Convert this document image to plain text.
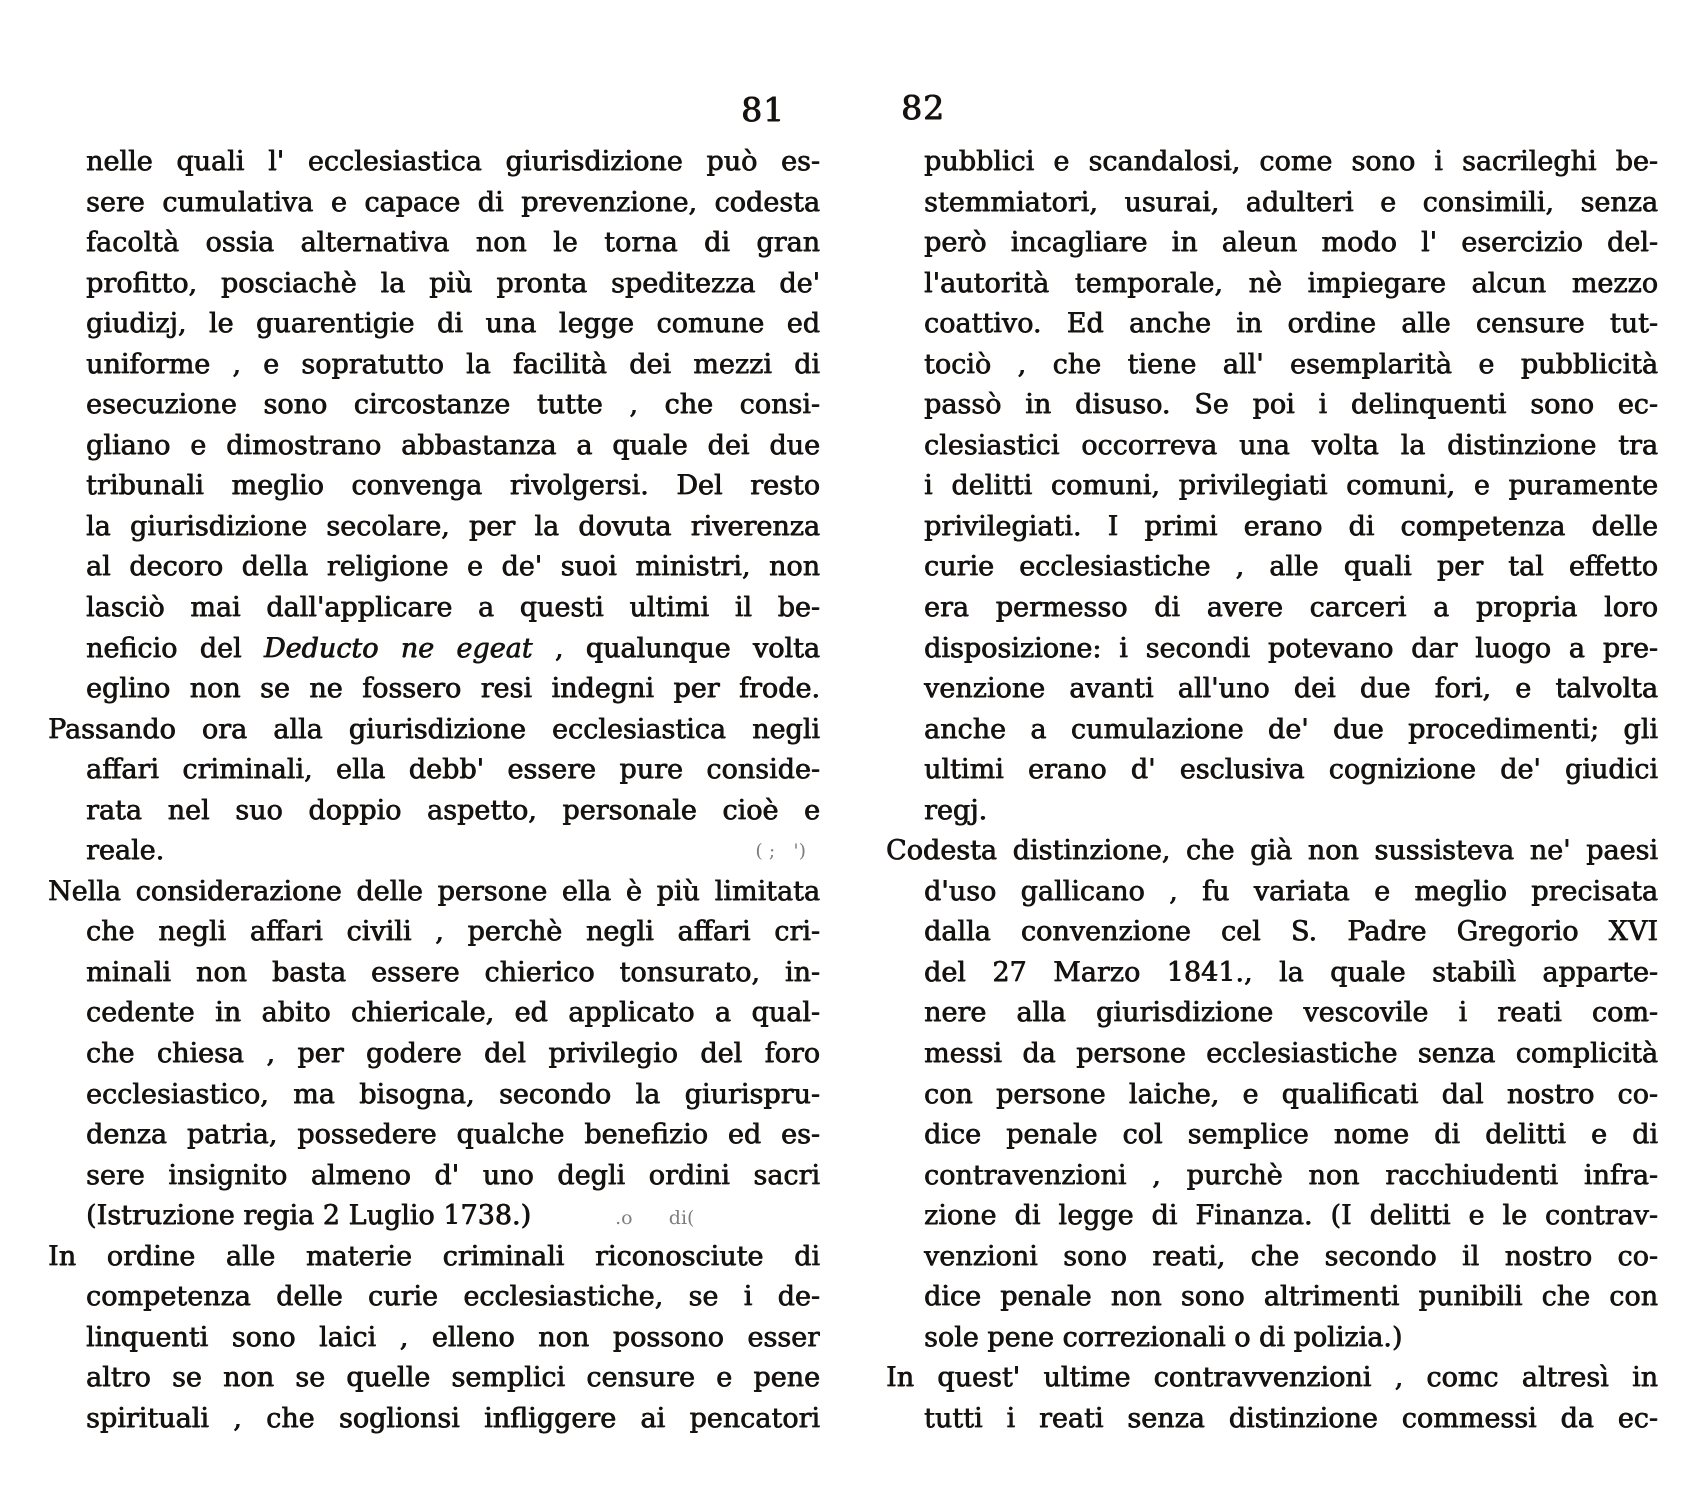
81	82
nelle quali l' ecclesiastica giurisdizione può es-
sere cumulativa e capace di prevenzione, codesta
facoltà ossia alternativa non le torna di gran
profitto, posciachè la più pronta speditezza de'
giudizj, le guarentigie di una legge comune ed
uniforme , e sopratutto la facilità dei mezzi di
esecuzione sono circostanze tutte , che consi-
gliano e dimostrano abbastanza a quale dei due
tribunali meglio convenga rivolgersi. Del resto
la giurisdizione secolare, per la dovuta riverenza
al decoro della religione e de' suoi ministri, non
lasciò mai dall'applicare a questi ultimi il be-
neficio del Deducto ne egeat , qualunque volta
eglino non se ne fossero resi indegni per frode.
Passando ora alla giurisdizione ecclesiastica negli
affari criminali, ella debb' essere pure conside-
rata nel suo doppio aspetto, personale cioè e
( ;   ')
reale.
Nella considerazione delle persone ella è più limitata
che negli affari civili , perchè negli affari cri-
minali non basta essere chierico tonsurato, in-
cedente in abito chiericale, ed applicato a qual-
che chiesa , per godere del privilegio del foro
ecclesiastico, ma bisogna, secondo la giurispru-
denza patria, possedere qualche benefizio ed es-
sere insignito almeno d' uno degli ordini sacri
(Istruzione regia 2 Luglio 1738.)	.o      di(
In ordine alle materie criminali riconosciute di
competenza delle curie ecclesiastiche, se i de-
linquenti sono laici , elleno non possono esser
altro se non se quelle semplici censure e pene
spirituali , che soglionsi infliggere ai pencatori
pubblici e scandalosi, come sono i sacrileghi be-
stemmiatori, usurai, adulteri e consimili, senza
però incagliare in aleun modo l' esercizio del-
l'autorità temporale, nè impiegare alcun mezzo
coattivo. Ed anche in ordine alle censure tut-
tociò , che tiene all' esemplarità e pubblicità
passò in disuso. Se poi i delinquenti sono ec-
clesiastici occorreva una volta la distinzione tra
i delitti comuni, privilegiati comuni, e puramente
privilegiati. I primi erano di competenza delle
curie ecclesiastiche , alle quali per tal effetto
era permesso di avere carceri a propria loro
disposizione: i secondi potevano dar luogo a pre-
venzione avanti all'uno dei due fori, e talvolta
anche a cumulazione de' due procedimenti; gli
ultimi erano d' esclusiva cognizione de' giudici
regj.
Codesta distinzione, che già non sussisteva ne' paesi
d'uso gallicano , fu variata e meglio precisata
dalla convenzione cel S. Padre Gregorio XVI
del 27 Marzo 1841., la quale stabilì apparte-
nere alla giurisdizione vescovile i reati com-
messi da persone ecclesiastiche senza complicità
con persone laiche, e qualificati dal nostro co-
dice penale col semplice nome di delitti e di
contravenzioni , purchè non racchiudenti infra-
zione di legge di Finanza. (I delitti e le contrav-
venzioni sono reati, che secondo il nostro co-
dice penale non sono altrimenti punibili che con
sole pene correzionali o di polizia.)
In quest' ultime contravvenzioni , comc altresì in
tutti i reati senza distinzione commessi da ec-
